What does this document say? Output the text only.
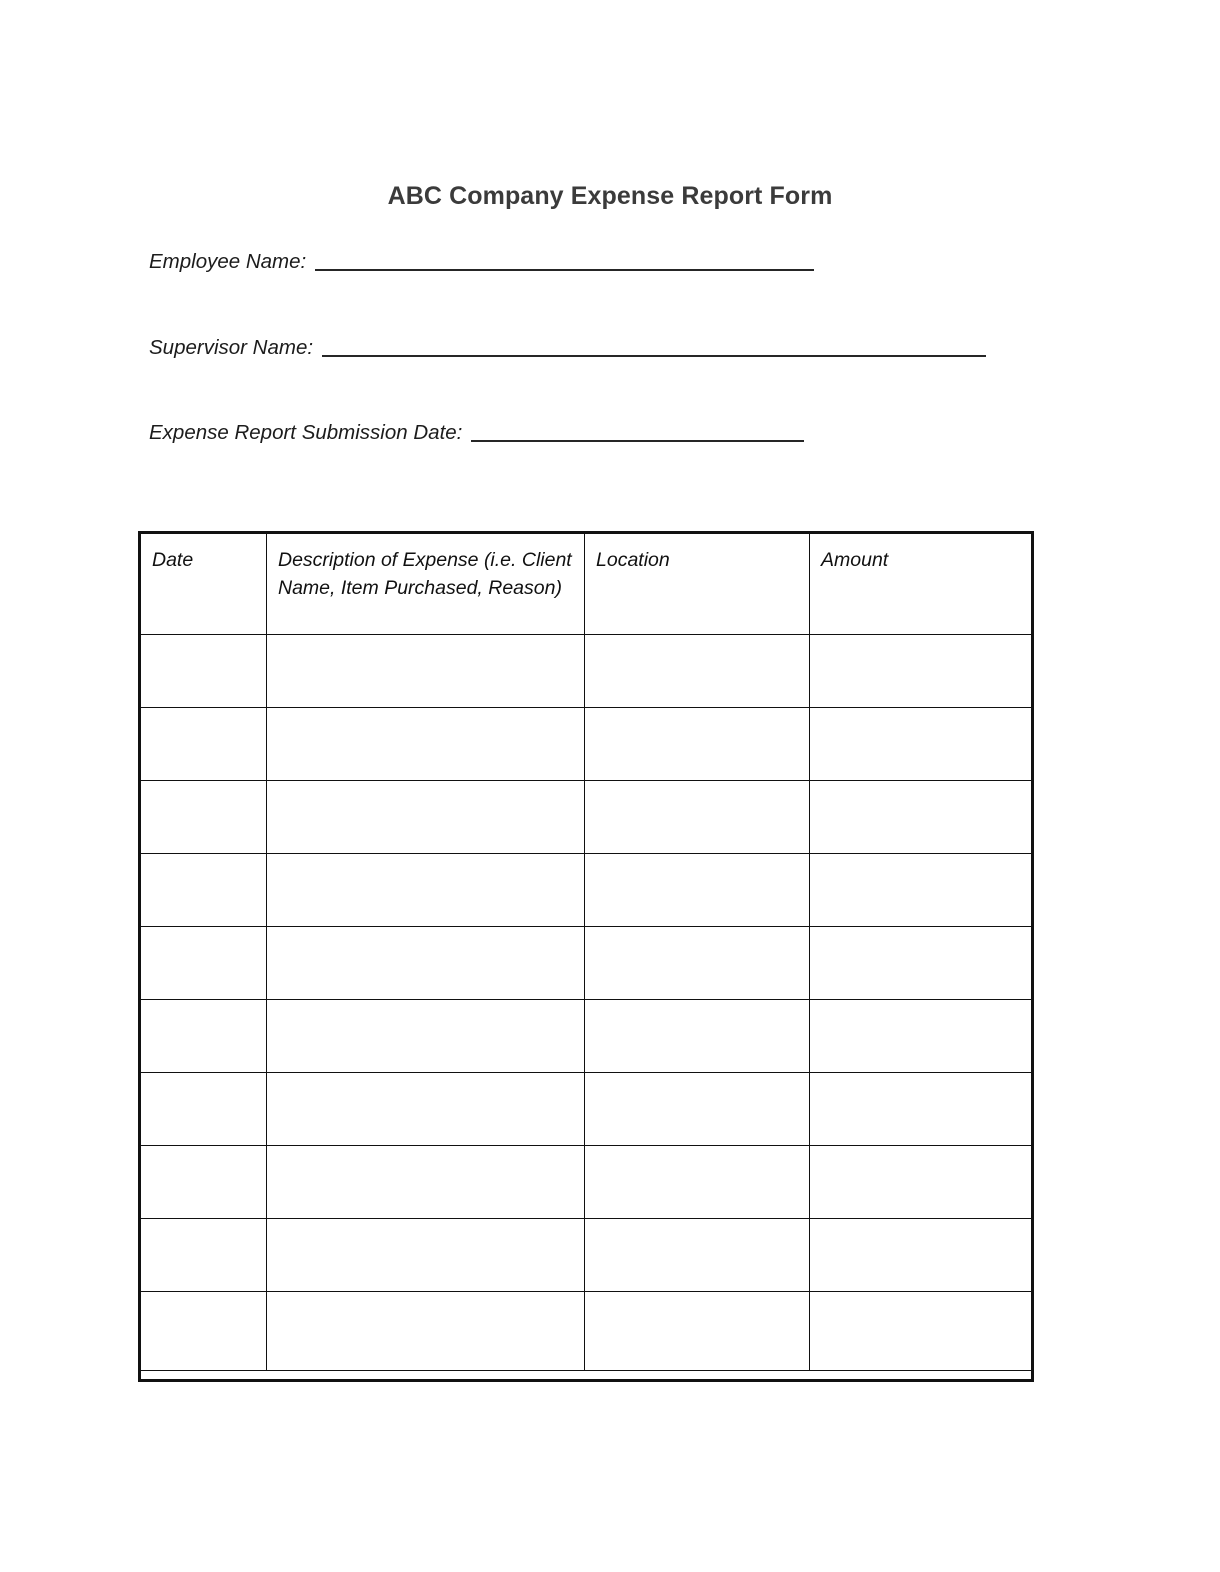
ABC Company Expense Report Form
Employee Name:
Supervisor Name:
Expense Report Submission Date:
Date	Description of Expense (i.e. Client Name, Item Purchased, Reason)	Location	Amount
